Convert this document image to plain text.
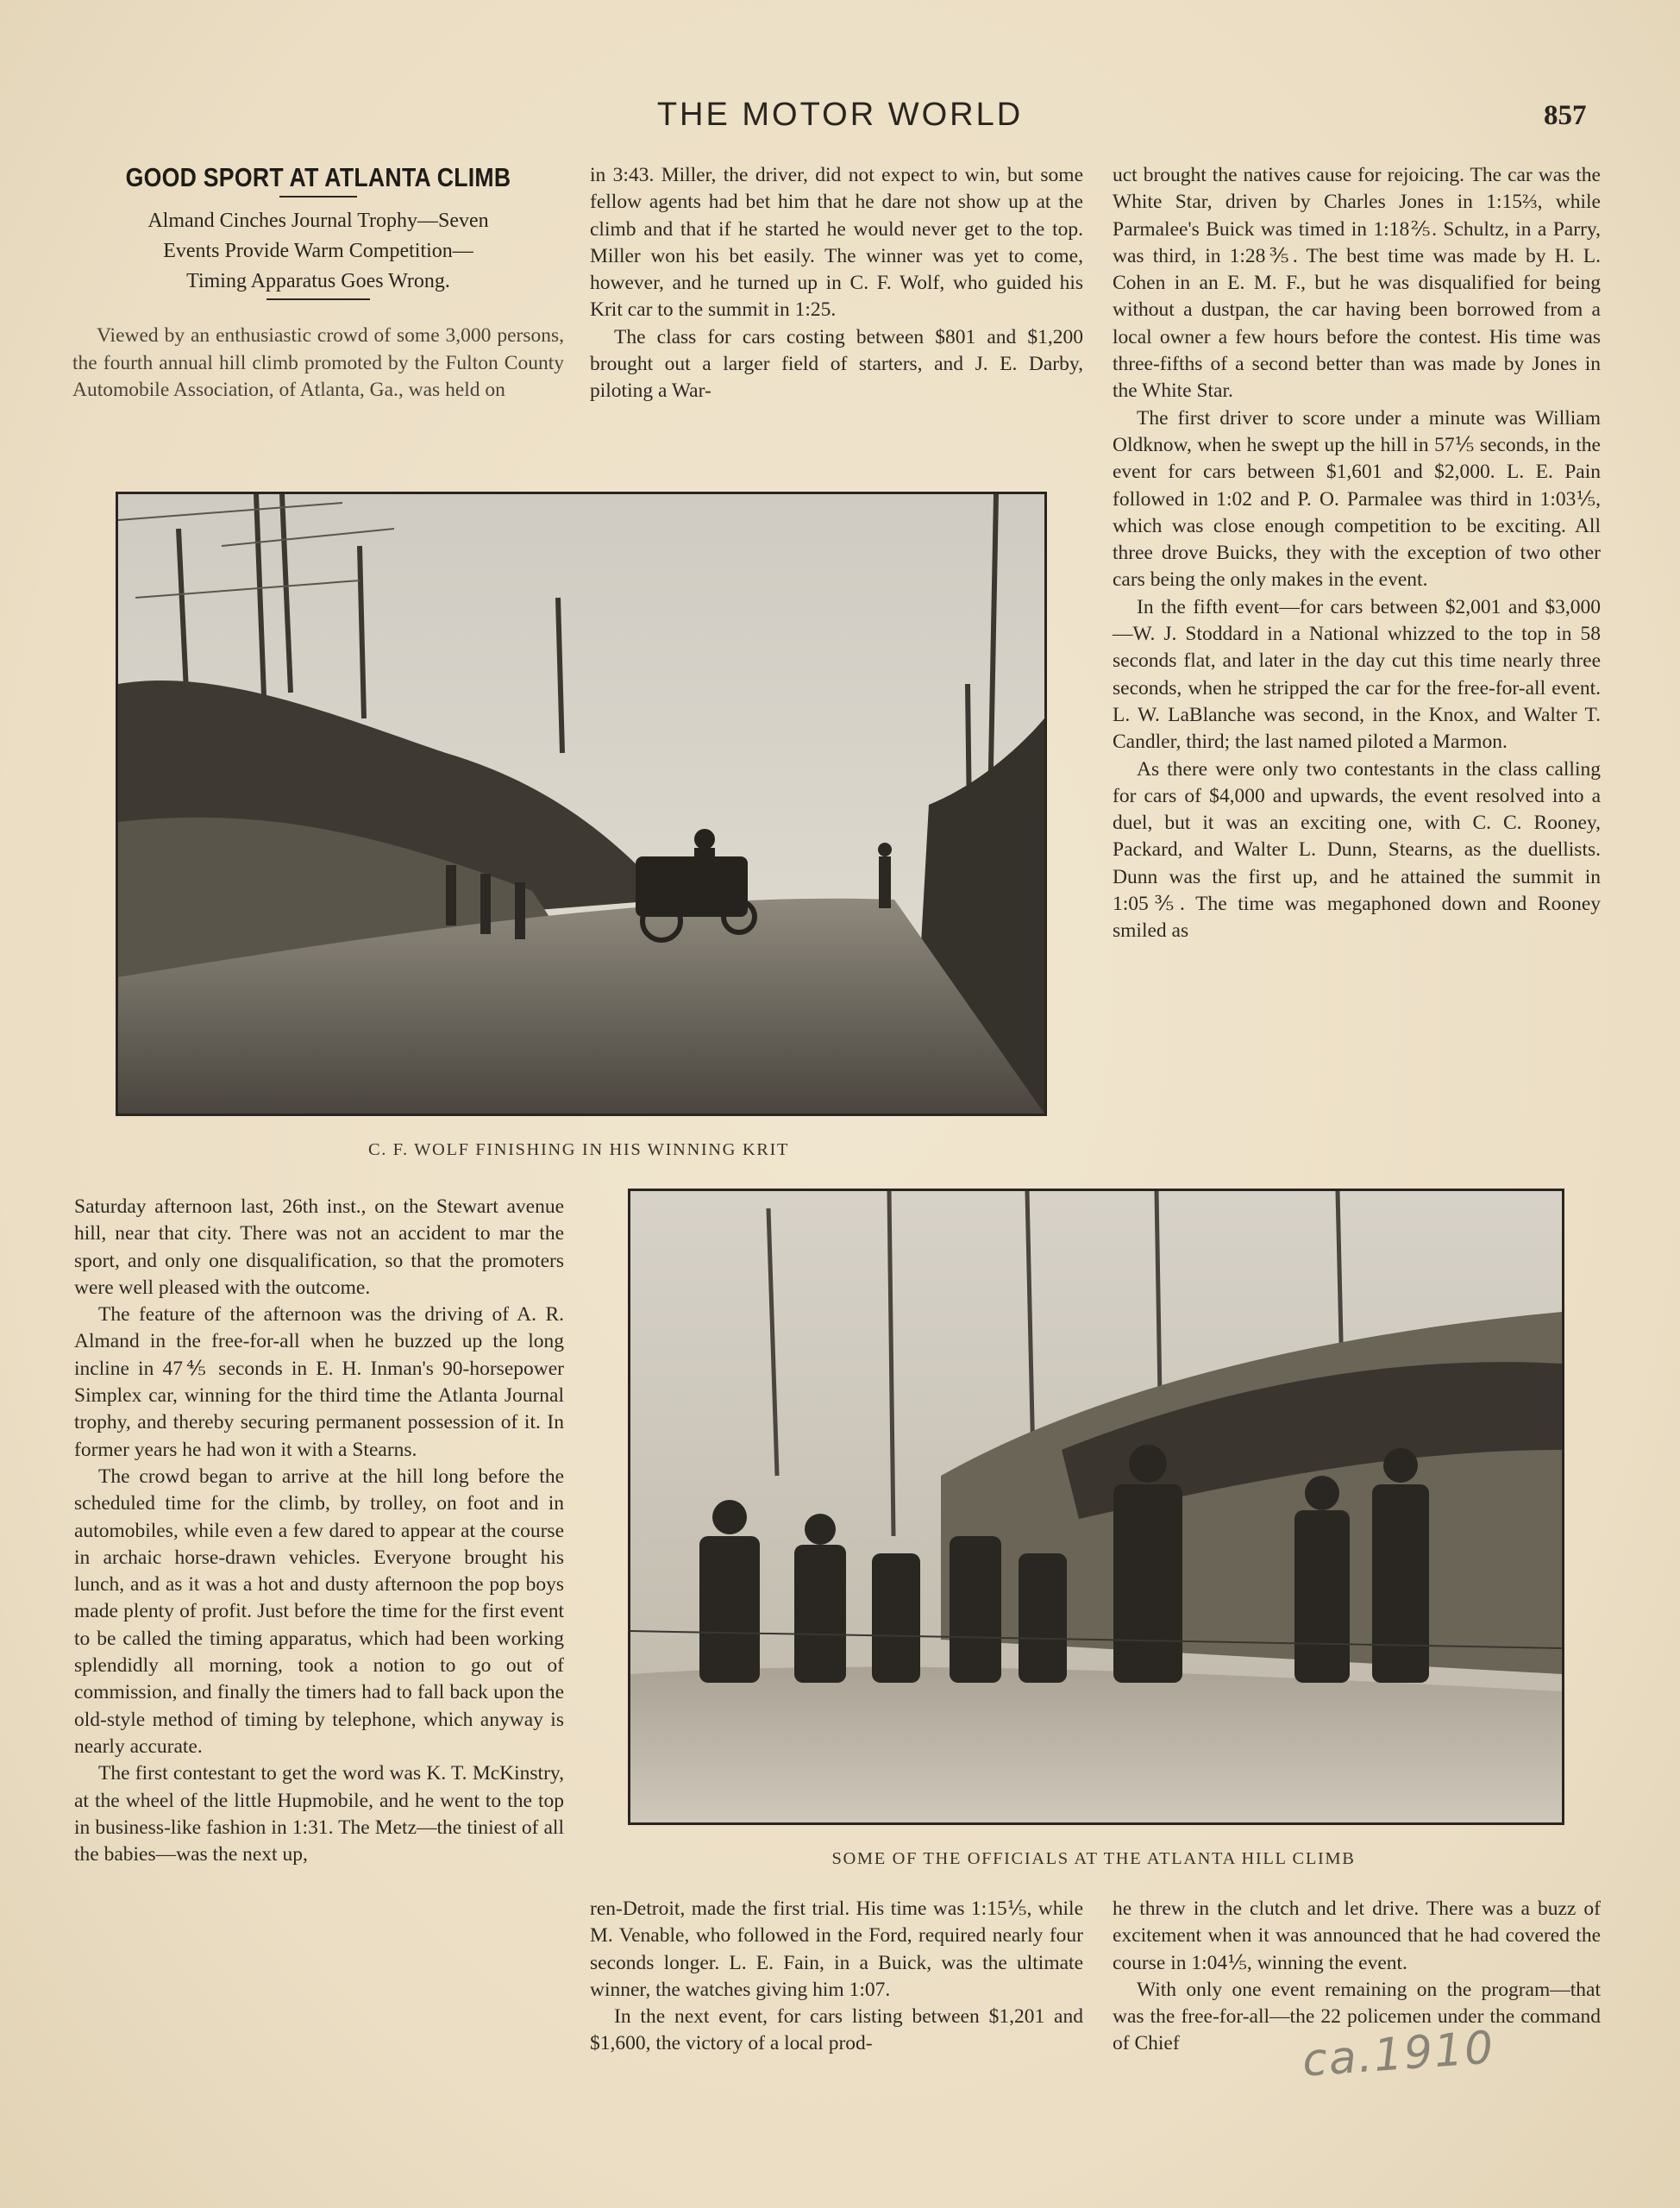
THE MOTOR WORLD	857
GOOD SPORT AT ATLANTA CLIMB
Almand Cinches Journal Trophy—Seven
Events Provide Warm Competition—
Timing Apparatus Goes Wrong.

Viewed by an enthusiastic crowd of some 3,000 persons, the fourth annual hill climb promoted by the Fulton County Automobile Association, of Atlanta, Ga., was held on

in 3:43. Miller, the driver, did not expect to win, but some fellow agents had bet him that he dare not show up at the climb and that if he started he would never get to the top. Miller won his bet easily. The winner was yet to come, however, and he turned up in C. F. Wolf, who guided his Krit car to the summit in 1:25.

The class for cars costing between $801 and $1,200 brought out a larger field of starters, and J. E. Darby, piloting a War-

uct brought the natives cause for rejoicing. The car was the White Star, driven by Charles Jones in 1:15⅔, while Parmalee's Buick was timed in 1:18⅖. Schultz, in a Parry, was third, in 1:28⅗. The best time was made by H. L. Cohen in an E. M. F., but he was disqualified for being without a dustpan, the car having been borrowed from a local owner a few hours before the contest. His time was three-fifths of a second better than was made by Jones in the White Star.

The first driver to score under a minute was William Oldknow, when he swept up the hill in 57⅕ seconds, in the event for cars between $1,601 and $2,000. L. E. Pain followed in 1:02 and P. O. Parmalee was third in 1:03⅕, which was close enough competition to be exciting. All three drove Buicks, they with the exception of two other cars being the only makes in the event.

In the fifth event—for cars between $2,001 and $3,000—W. J. Stoddard in a National whizzed to the top in 58 seconds flat, and later in the day cut this time nearly three seconds, when he stripped the car for the free-for-all event. L. W. LaBlanche was second, in the Knox, and Walter T. Candler, third; the last named piloted a Marmon.

As there were only two contestants in the class calling for cars of $4,000 and upwards, the event resolved into a duel, but it was an exciting one, with C. C. Rooney, Packard, and Walter L. Dunn, Stearns, as the duellists. Dunn was the first up, and he attained the summit in 1:05⅗. The time was megaphoned down and Rooney smiled as

C. F. WOLF FINISHING IN HIS WINNING KRIT

Saturday afternoon last, 26th inst., on the Stewart avenue hill, near that city. There was not an accident to mar the sport, and only one disqualification, so that the promoters were well pleased with the outcome.

The feature of the afternoon was the driving of A. R. Almand in the free-for-all when he buzzed up the long incline in 47⅘ seconds in E. H. Inman's 90-horsepower Simplex car, winning for the third time the Atlanta Journal trophy, and thereby securing permanent possession of it. In former years he had won it with a Stearns.

The crowd began to arrive at the hill long before the scheduled time for the climb, by trolley, on foot and in automobiles, while even a few dared to appear at the course in archaic horse-drawn vehicles. Everyone brought his lunch, and as it was a hot and dusty afternoon the pop boys made plenty of profit. Just before the time for the first event to be called the timing apparatus, which had been working splendidly all morning, took a notion to go out of commission, and finally the timers had to fall back upon the old-style method of timing by telephone, which anyway is nearly accurate.

The first contestant to get the word was K. T. McKinstry, at the wheel of the little Hupmobile, and he went to the top in business-like fashion in 1:31. The Metz—the tiniest of all the babies—was the next up,	SOME OF THE OFFICIALS AT THE ATLANTA HILL CLIMB

ren-Detroit, made the first trial. His time was 1:15⅕, while M. Venable, who followed in the Ford, required nearly four seconds longer. L. E. Fain, in a Buick, was the ultimate winner, the watches giving him 1:07.

In the next event, for cars listing between $1,201 and $1,600, the victory of a local prod-

he threw in the clutch and let drive. There was a buzz of excitement when it was announced that he had covered the course in 1:04⅕, winning the event.

With only one event remaining on the program—that was the free-for-all—the 22 policemen under the command of Chief	ca.1910
